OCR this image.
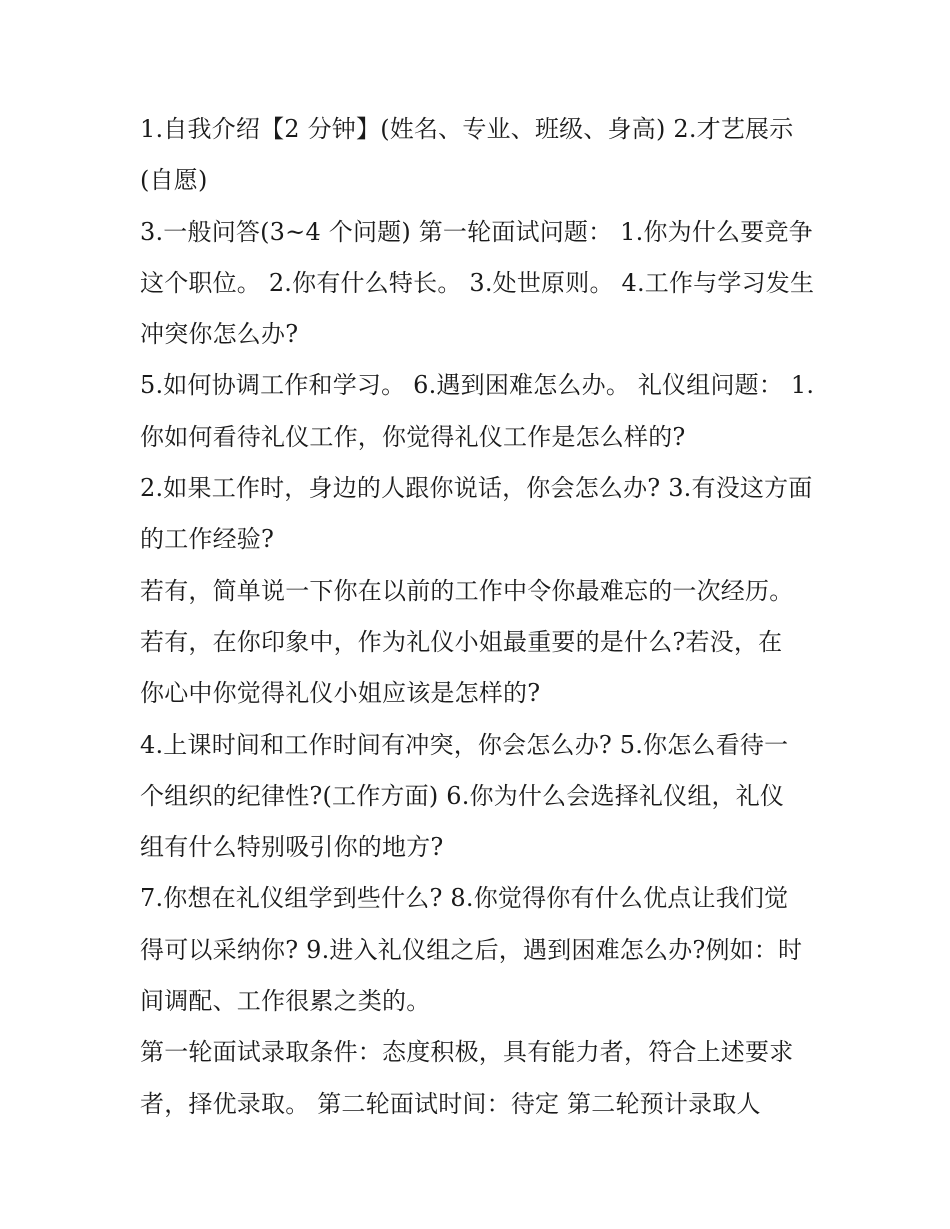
1.自我介绍【2 分钟】(姓名、专业、班级、身高) 2.才艺展示
(自愿)
3.一般问答(3~4 个问题) 第一轮面试问题： 1.你为什么要竞争
这个职位。 2.你有什么特长。 3.处世原则。 4.工作与学习发生
冲突你怎么办?
5.如何协调工作和学习。 6.遇到困难怎么办。 礼仪组问题： 1.
你如何看待礼仪工作，你觉得礼仪工作是怎么样的?
2.如果工作时，身边的人跟你说话，你会怎么办? 3.有没这方面
的工作经验?
若有，简单说一下你在以前的工作中令你最难忘的一次经历。
若有，在你印象中，作为礼仪小姐最重要的是什么?若没，在
你心中你觉得礼仪小姐应该是怎样的?
4.上课时间和工作时间有冲突，你会怎么办? 5.你怎么看待一
个组织的纪律性?(工作方面) 6.你为什么会选择礼仪组，礼仪
组有什么特别吸引你的地方?
7.你想在礼仪组学到些什么? 8.你觉得你有什么优点让我们觉
得可以采纳你? 9.进入礼仪组之后，遇到困难怎么办?例如：时
间调配、工作很累之类的。
第一轮面试录取条件：态度积极，具有能力者，符合上述要求
者，择优录取。 第二轮面试时间：待定 第二轮预计录取人
